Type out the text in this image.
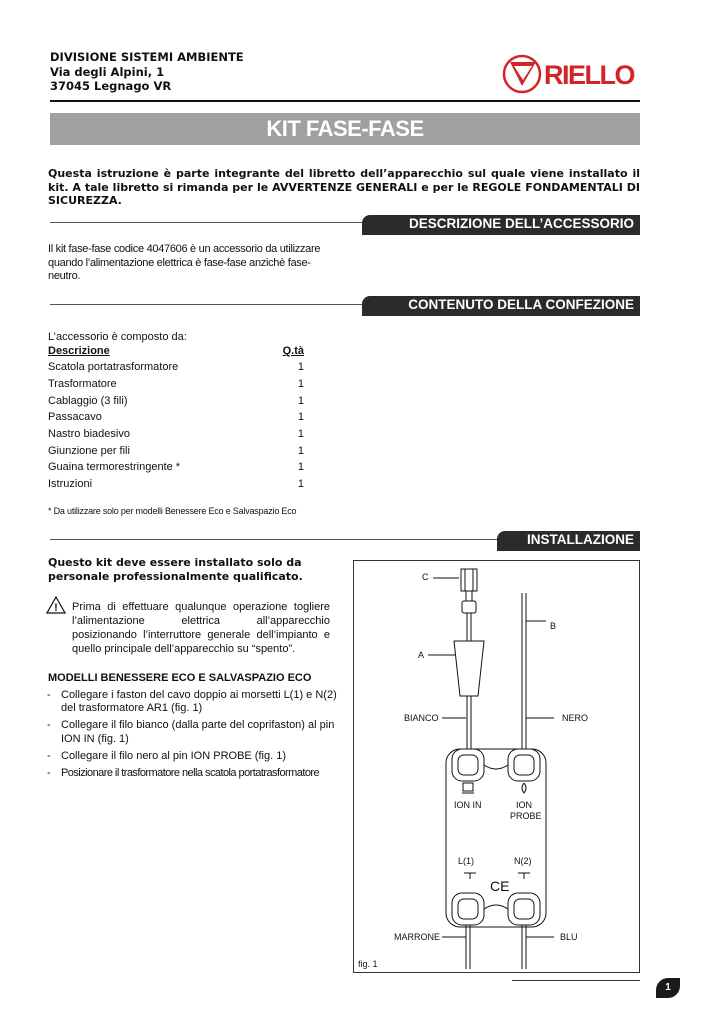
DIVISIONE SISTEMI AMBIENTE
Via degli Alpini, 1
37045 Legnago VR	RIELLO
KIT FASE-FASE
Questa istruzione è parte integrante del libretto dell’apparecchio sul quale viene installato il kit. A tale libretto si rimanda per le AVVERTENZE GENERALI e per le REGOLE FONDAMENTALI DI SICUREZZA.
DESCRIZIONE DELL’ACCESSORIO
Il kit fase-fase codice 4047606 è un accessorio da utilizzare quando l’alimentazione elettrica è fase-fase anzichè fase-neutro.
CONTENUTO DELLA CONFEZIONE
L’accessorio è composto da:
Descrizione	Q.tà
Scatola portatrasformatore	1
Trasformatore	1
Cablaggio (3 fili)	1
Passacavo	1
Nastro biadesivo	1
Giunzione per fili	1
Guaina termorestringente *	1
Istruzioni	1
* Da utilizzare solo per modelli Benessere Eco e Salvaspazio Eco
INSTALLAZIONE
Questo kit deve essere installato solo da personale professionalmente qualificato.
! Prima di effettuare qualunque operazione togliere l’alimentazione elettrica all’apparecchio posizionando l’interruttore generale dell’impianto e quello principale dell’apparecchio su “spento”.
MODELLI BENESSERE ECO E SALVASPAZIO ECO
- Collegare i faston del cavo doppio ai morsetti L(1) e N(2) del trasformatore AR1 (fig. 1)
- Collegare il filo bianco (dalla parte del coprifaston) al pin ION IN (fig. 1)
- Collegare il filo nero al pin ION PROBE (fig. 1)
- Posizionare il trasformatore nella scatola portatrasformatore
CE
C
B
A
BIANCO	NERO
ION IN	ION
PROBE
L(1)	N(2)
MARRONE	BLU
fig. 1
1
